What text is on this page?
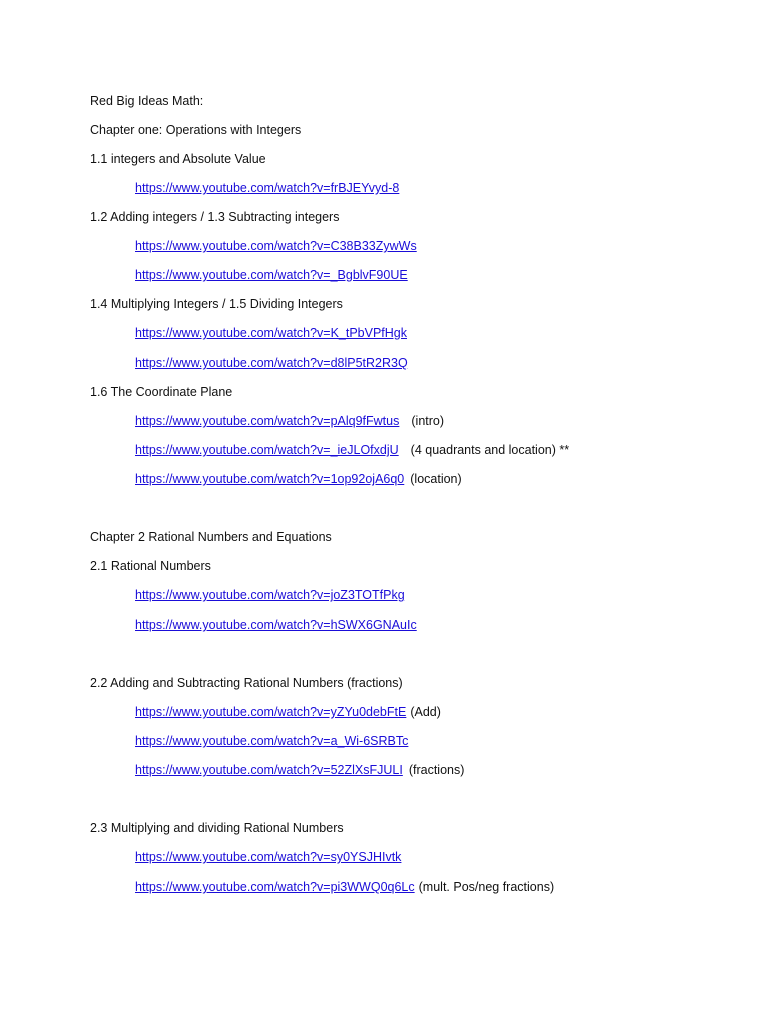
Red Big Ideas Math:
Chapter one: Operations with Integers
1.1 integers and Absolute Value
https://www.youtube.com/watch?v=frBJEYvyd-8
1.2 Adding integers / 1.3 Subtracting integers
https://www.youtube.com/watch?v=C38B33ZywWs
https://www.youtube.com/watch?v=_BgblvF90UE
1.4 Multiplying Integers / 1.5 Dividing Integers
https://www.youtube.com/watch?v=K_tPbVPfHgk
https://www.youtube.com/watch?v=d8lP5tR2R3Q
1.6 The Coordinate Plane
https://www.youtube.com/watch?v=pAlq9fFwtus (intro)
https://www.youtube.com/watch?v=_ieJLOfxdjU (4 quadrants and location) **
https://www.youtube.com/watch?v=1op92ojA6q0 (location)
Chapter 2 Rational Numbers and Equations
2.1 Rational Numbers
https://www.youtube.com/watch?v=joZ3TOTfPkg
https://www.youtube.com/watch?v=hSWX6GNAuIc
2.2 Adding and Subtracting Rational Numbers (fractions)
https://www.youtube.com/watch?v=yZYu0debFtE (Add)
https://www.youtube.com/watch?v=a_Wi-6SRBTc
https://www.youtube.com/watch?v=52ZlXsFJULI (fractions)
2.3 Multiplying and dividing Rational Numbers
https://www.youtube.com/watch?v=sy0YSJHIvtk
https://www.youtube.com/watch?v=pi3WWQ0q6Lc (mult. Pos/neg fractions)
